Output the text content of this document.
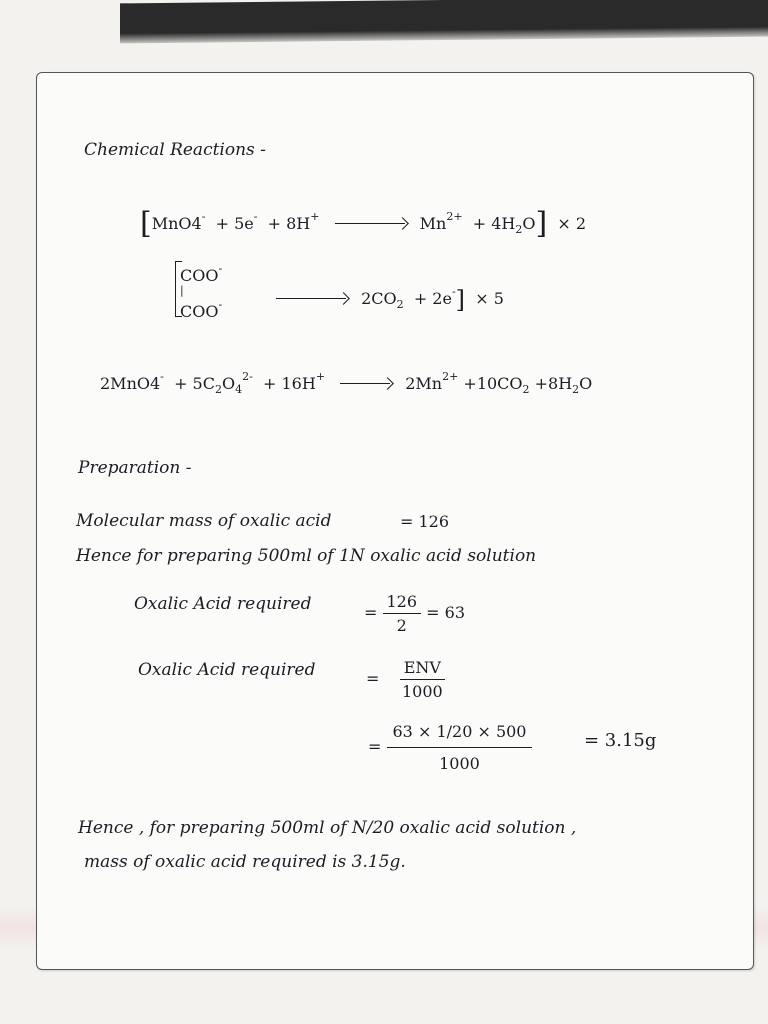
Chemical Reactions -
[MnO4- + 5e- + 8H+	$Mn^{2+} + 4H_2O] \times 2$
COO-
|
COO-	$2CO_2 + 2e^-] \times 5$
$2MnO4^- + 5C_2O_4^{2-} + 16H^+$	$2Mn^{2+} +10CO_2 +8H_2O$
Preparation -
Molecular mass of oxalic acid	= 126
Hence for preparing 500ml of 1N oxalic acid solution
Oxalic Acid required	= $\frac{126}{2} = 63$
Oxalic Acid required	= $\frac{\text{ENV}}{1000}$
= $\frac{63 \times 1/20 \times 500}{1000}$	= 3.15g
Hence , for preparing 500ml of N/20 oxalic acid solution ,
mass of oxalic acid required is 3.15g.
